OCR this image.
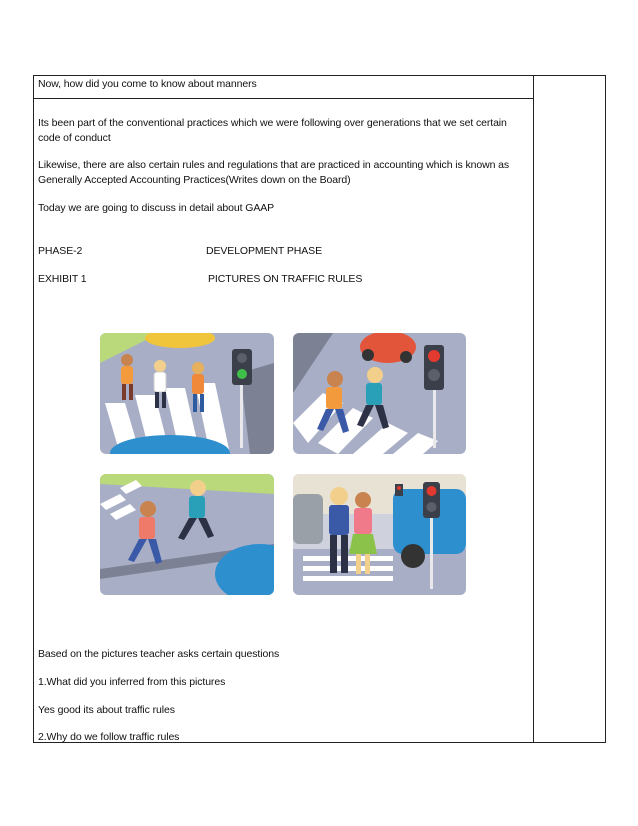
Now, how did you come to know about manners
Its been part of the conventional practices which we were following over generations that we set certain code of conduct
Likewise, there are also certain rules and regulations that are practiced in accounting which is known as Generally Accepted Accounting Practices(Writes down on the Board)
Today we are going to discuss in detail about GAAP
PHASE-2	DEVELOPMENT PHASE
EXHIBIT 1	PICTURES ON TRAFFIC RULES
Based on the pictures teacher asks certain questions
1.What did you inferred from this pictures
Yes good its about traffic rules
2.Why do we follow traffic rules
